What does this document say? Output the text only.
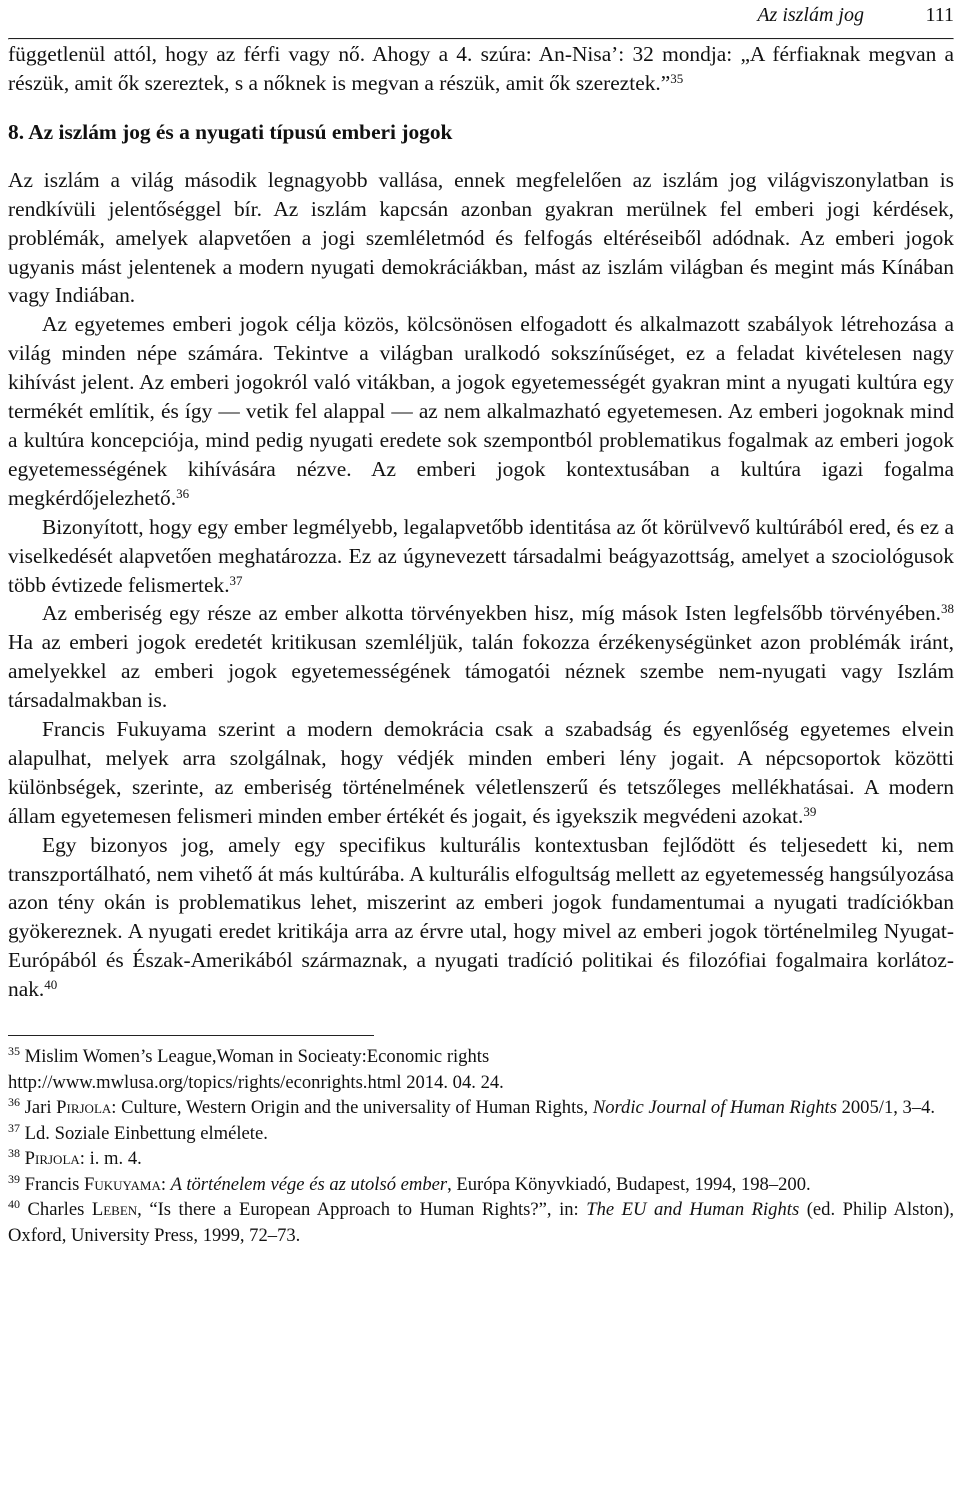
Az iszlám jog	111

függetlenül attól, hogy az férfi vagy nő. Ahogy a 4. szúra: An-Nisa’: 32 mondja: „A férfiaknak megvan a részük, amit ők szereztek, s a nőknek is megvan a részük, amit ők szereztek.”$^{35}$

8. Az iszlám jog és a nyugati típusú emberi jogok

Az iszlám a világ második legnagyobb vallása, ennek megfelelően az iszlám jog világviszonylatban is rendkívüli jelentőséggel bír. Az iszlám kapcsán azonban gyakran merülnek fel emberi jogi kérdések, problémák, amelyek alapvetően a jogi szemléletmód és felfogás eltéréseiből adódnak. Az emberi jogok ugyanis mást jelentenek a modern nyugati demokráciákban, mást az iszlám világban és megint más Kínában vagy Indiában.

Az egyetemes emberi jogok célja közös, kölcsönösen elfogadott és alkalmazott szabályok létrehozása a világ minden népe számára. Tekintve a világban uralkodó sokszínűséget, ez a feladat kivételesen nagy kihívást jelent. Az emberi jogokról való vitákban, a jogok egyetemességét gyakran mint a nyugati kultúra egy termékét említik, és így — vetik fel alappal — az nem alkalmazható egyetemesen. Az emberi jogoknak mind a kultúra koncepciója, mind pedig nyugati eredete sok szempontból problematikus fogalmak az emberi jogok egyetemességének kihívására nézve. Az emberi jogok kontextusában a kultúra igazi fogalma megkérdőjelezhető.$^{36}$

Bizonyított, hogy egy ember legmélyebb, legalapvetőbb identitása az őt körülvevő kultúrából ered, és ez a viselkedését alapvetően meghatározza. Ez az úgynevezett társadalmi beágyazottság, amelyet a szociológusok több évtizede felismertek.$^{37}$

Az emberiség egy része az ember alkotta törvényekben hisz, míg mások Isten legfelsőbb törvényében.$^{38}$ Ha az emberi jogok eredetét kritikusan szemléljük, talán fokozza érzékenységünket azon problémák iránt, amelyekkel az emberi jogok egyetemességének támogatói néznek szembe nem-nyugati vagy Iszlám társadalmakban is.

Francis Fukuyama szerint a modern demokrácia csak a szabadság és egyenlőség egyetemes elvein alapulhat, melyek arra szolgálnak, hogy védjék minden emberi lény jogait. A népcsoportok közötti különbségek, szerinte, az emberiség történelmének véletlenszerű és tetszőleges mellékhatásai. A modern állam egyetemesen felismeri minden ember értékét és jogait, és igyekszik megvédeni azokat.$^{39}$

Egy bizonyos jog, amely egy specifikus kulturális kontextusban fejlődött és teljesedett ki, nem transzportálható, nem vihető át más kultúrába. A kulturális elfogultság mellett az egyetemesség hangsúlyozása azon tény okán is problematikus lehet, miszerint az emberi jogok fundamentumai a nyugati tradíciókban gyökereznek. A nyugati eredet kritikája arra az érvre utal, hogy mivel az emberi jogok történelmileg Nyugat-Európából és Észak-Amerikából származnak, a nyugati tradíció politikai és filozófiai fogalmaira korlátoznak.$^{40}$

$^{35}$ Mislim Women’s League,Woman in Socieaty:Economic rights
http://www.mwlusa.org/topics/rights/econrights.html 2014. 04. 24.

$^{36}$ Jari Pirjola: Culture, Western Origin and the universality of Human Rights, Nordic Journal of Human Rights 2005/1, 3–4.

$^{37}$ Ld. Soziale Einbettung elmélete.

$^{38}$ Pirjola: i. m. 4.

$^{39}$ Francis Fukuyama: A történelem vége és az utolsó ember, Európa Könyvkiadó, Budapest, 1994, 198–200.

$^{40}$ Charles Leben, “Is there a European Approach to Human Rights?”, in: The EU and Human Rights (ed. Philip Alston), Oxford, University Press, 1999, 72–73.
